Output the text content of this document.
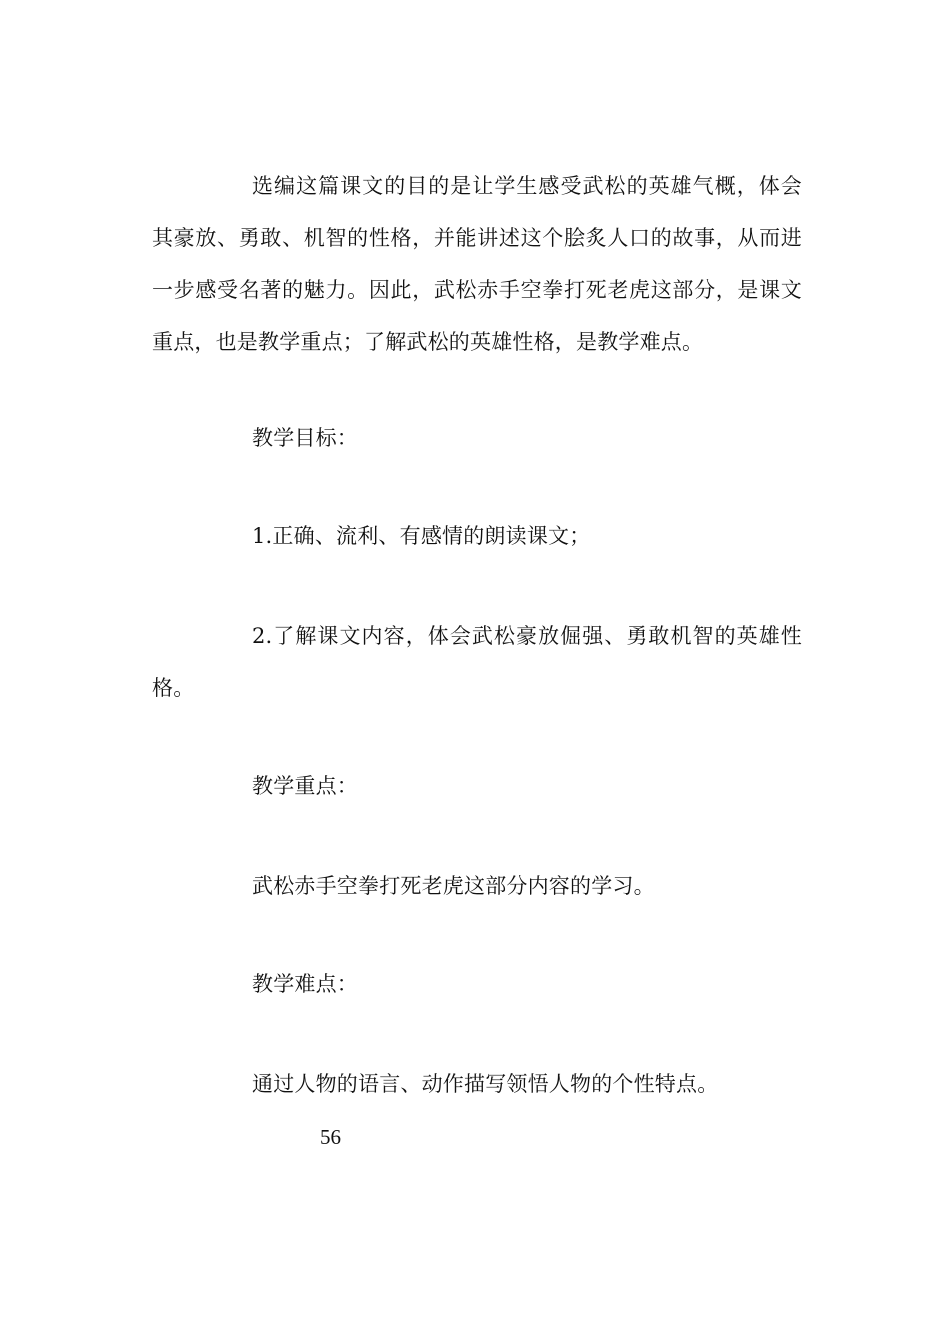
选编这篇课文的目的是让学生感受武松的英雄气概，体会其豪放、勇敢、机智的性格，并能讲述这个脍炙人口的故事，从而进一步感受名著的魅力。因此，武松赤手空拳打死老虎这部分，是课文重点，也是教学重点；了解武松的英雄性格，是教学难点。

教学目标：

1.正确、流利、有感情的朗读课文；

2.了解课文内容，体会武松豪放倔强、勇敢机智的英雄性格。

教学重点：

武松赤手空拳打死老虎这部分内容的学习。

教学难点：

通过人物的语言、动作描写领悟人物的个性特点。

56
